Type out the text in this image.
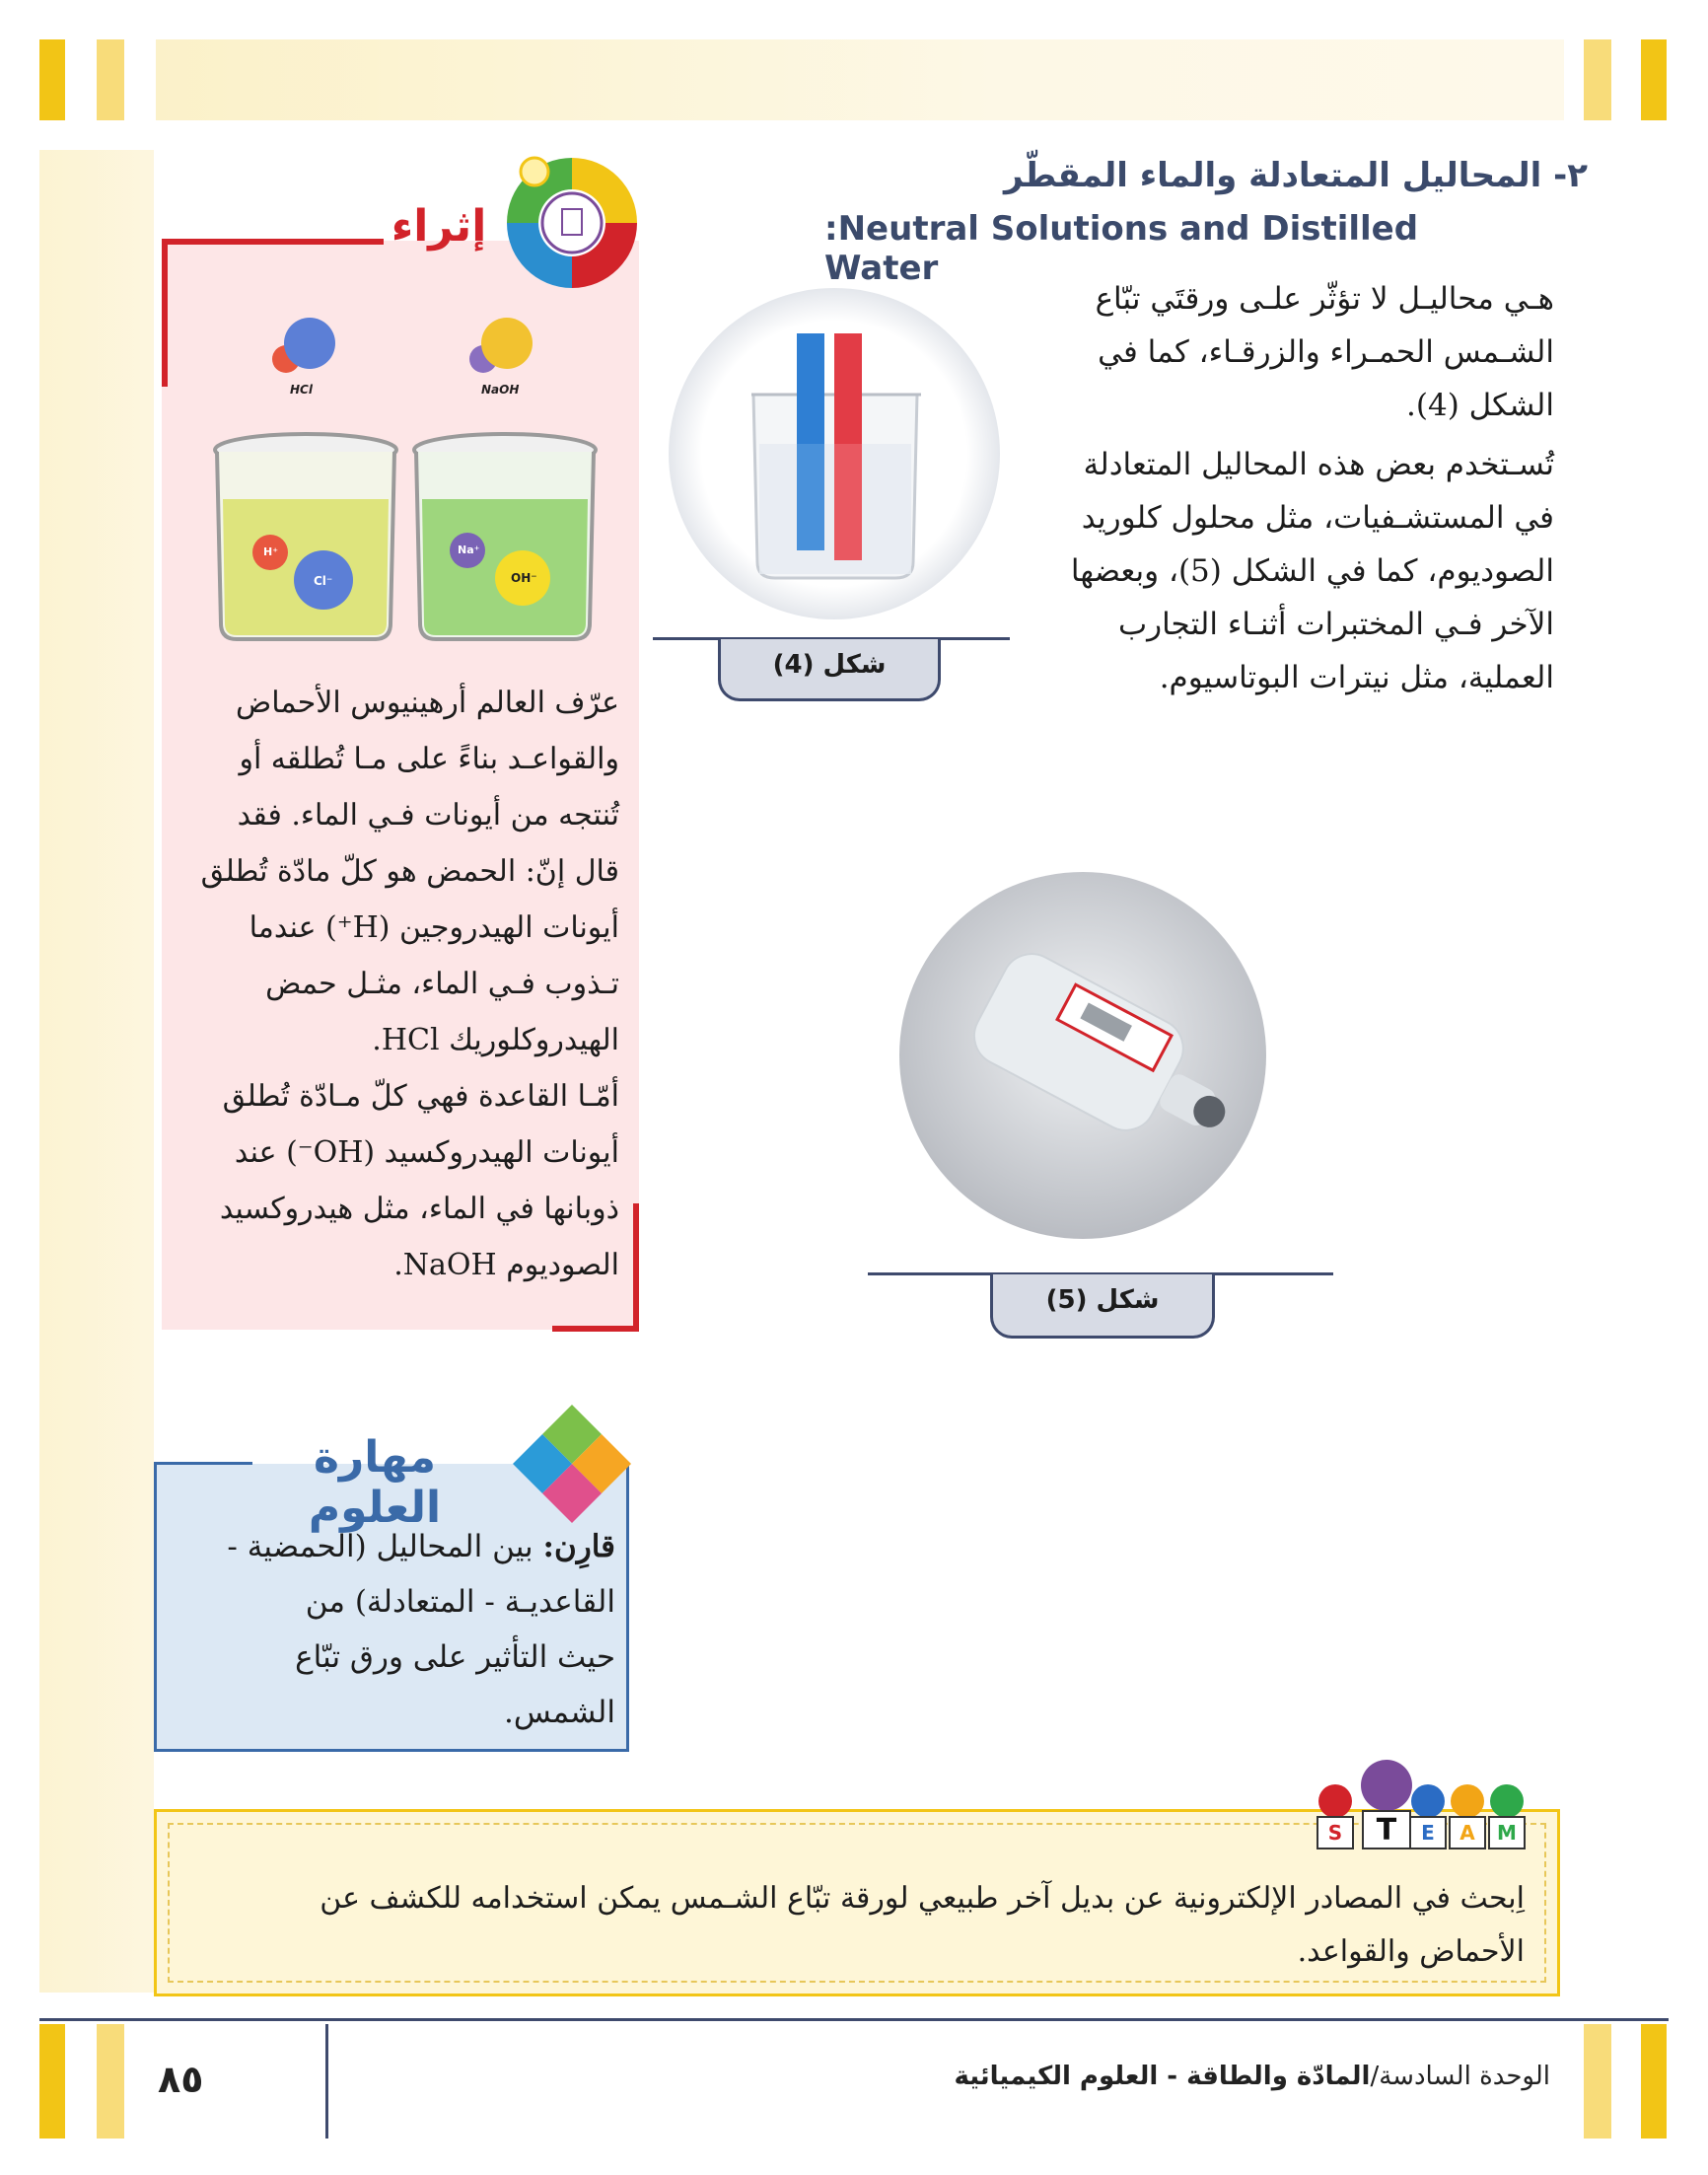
٢- المحاليل المتعادلة والماء المقطّر
:Neutral Solutions and Distilled Water
هـي محاليـل لا تؤثّر علـى ورقتَي تبّاع
الشـمس الحمـراء والزرقـاء، كما في
الشكل (4).
تُسـتخدم بعض هذه المحاليل المتعادلة
في المستشـفيات، مثل محلول كلوريد
الصوديوم، كما في الشكل (5)، وبعضها
الآخر فـي المختبرات أثنـاء التجارب
العملية، مثل نيترات البوتاسيوم.
شكل (4)
شكل (5)
إثراء
HCl	NaOH
H⁺
Cl⁻
Na⁺
OH⁻
عرّف العالم أرهينيوس الأحماض
والقواعـد بناءً على مـا تُطلقه أو
تُنتجه من أيونات فـي الماء. فقد
قال إنّ: الحمض هو كلّ مادّة تُطلق
أيونات الهيدروجين (H⁺) عندما
تـذوب فـي الماء، مثـل حمض
الهيدروكلوريك HCl.
أمّـا القاعدة فهي كلّ مـادّة تُطلق
أيونات الهيدروكسيد (OH⁻) عند
ذوبانها في الماء، مثل هيدروكسيد
الصوديوم NaOH.
مهارة العلوم
قارِن: بين المحاليل (الحمضية -
القاعديـة - المتعادلة) من
حيث التأثير على ورق تبّاع
الشمس.
S	T	E	A	M
اِبحث في المصادر الإلكترونية عن بديل آخر طبيعي لورقة تبّاع الشـمس يمكن استخدامه للكشف عن
الأحماض والقواعد.
٨٥	الوحدة السادسة/المادّة والطاقة - العلوم الكيميائية
